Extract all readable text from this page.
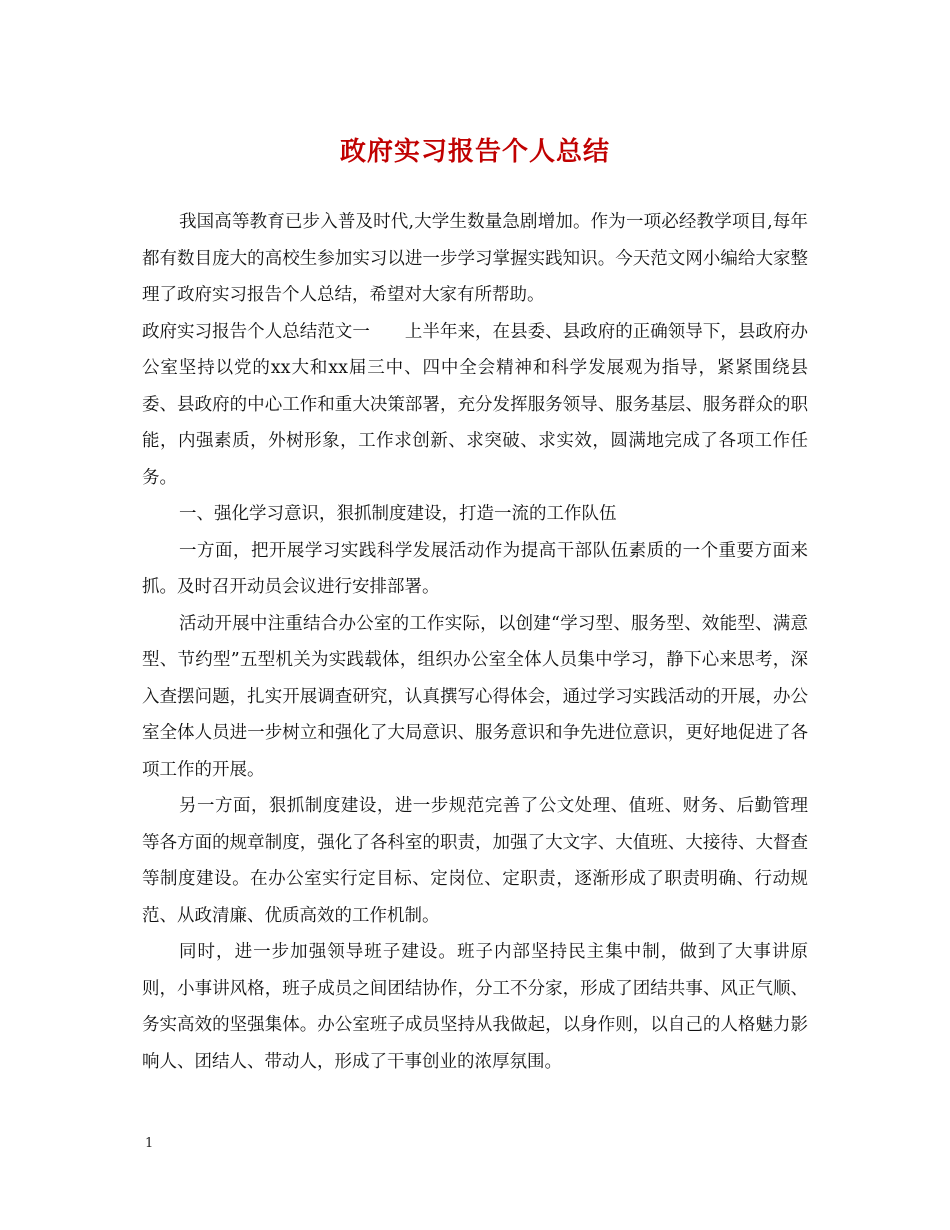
政府实习报告个人总结

我国高等教育已步入普及时代,大学生数量急剧增加。作为一项必经教学项目,每年都有数目庞大的高校生参加实习以进一步学习掌握实践知识。今天范文网小编给大家整理了政府实习报告个人总结，希望对大家有所帮助。

政府实习报告个人总结范文一　　上半年来，在县委、县政府的正确领导下，县政府办公室坚持以党的xx大和xx届三中、四中全会精神和科学发展观为指导，紧紧围绕县委、县政府的中心工作和重大决策部署，充分发挥服务领导、服务基层、服务群众的职能，内强素质，外树形象，工作求创新、求突破、求实效，圆满地完成了各项工作任务。

一、强化学习意识，狠抓制度建设，打造一流的工作队伍

一方面，把开展学习实践科学发展活动作为提高干部队伍素质的一个重要方面来抓。及时召开动员会议进行安排部署。

活动开展中注重结合办公室的工作实际，以创建“学习型、服务型、效能型、满意型、节约型”五型机关为实践载体，组织办公室全体人员集中学习，静下心来思考，深入查摆问题，扎实开展调查研究，认真撰写心得体会，通过学习实践活动的开展，办公室全体人员进一步树立和强化了大局意识、服务意识和争先进位意识，更好地促进了各项工作的开展。

另一方面，狠抓制度建设，进一步规范完善了公文处理、值班、财务、后勤管理等各方面的规章制度，强化了各科室的职责，加强了大文字、大值班、大接待、大督查等制度建设。在办公室实行定目标、定岗位、定职责，逐渐形成了职责明确、行动规范、从政清廉、优质高效的工作机制。

同时，进一步加强领导班子建设。班子内部坚持民主集中制，做到了大事讲原则，小事讲风格，班子成员之间团结协作，分工不分家，形成了团结共事、风正气顺、务实高效的坚强集体。办公室班子成员坚持从我做起，以身作则，以自己的人格魅力影响人、团结人、带动人，形成了干事创业的浓厚氛围。

1
